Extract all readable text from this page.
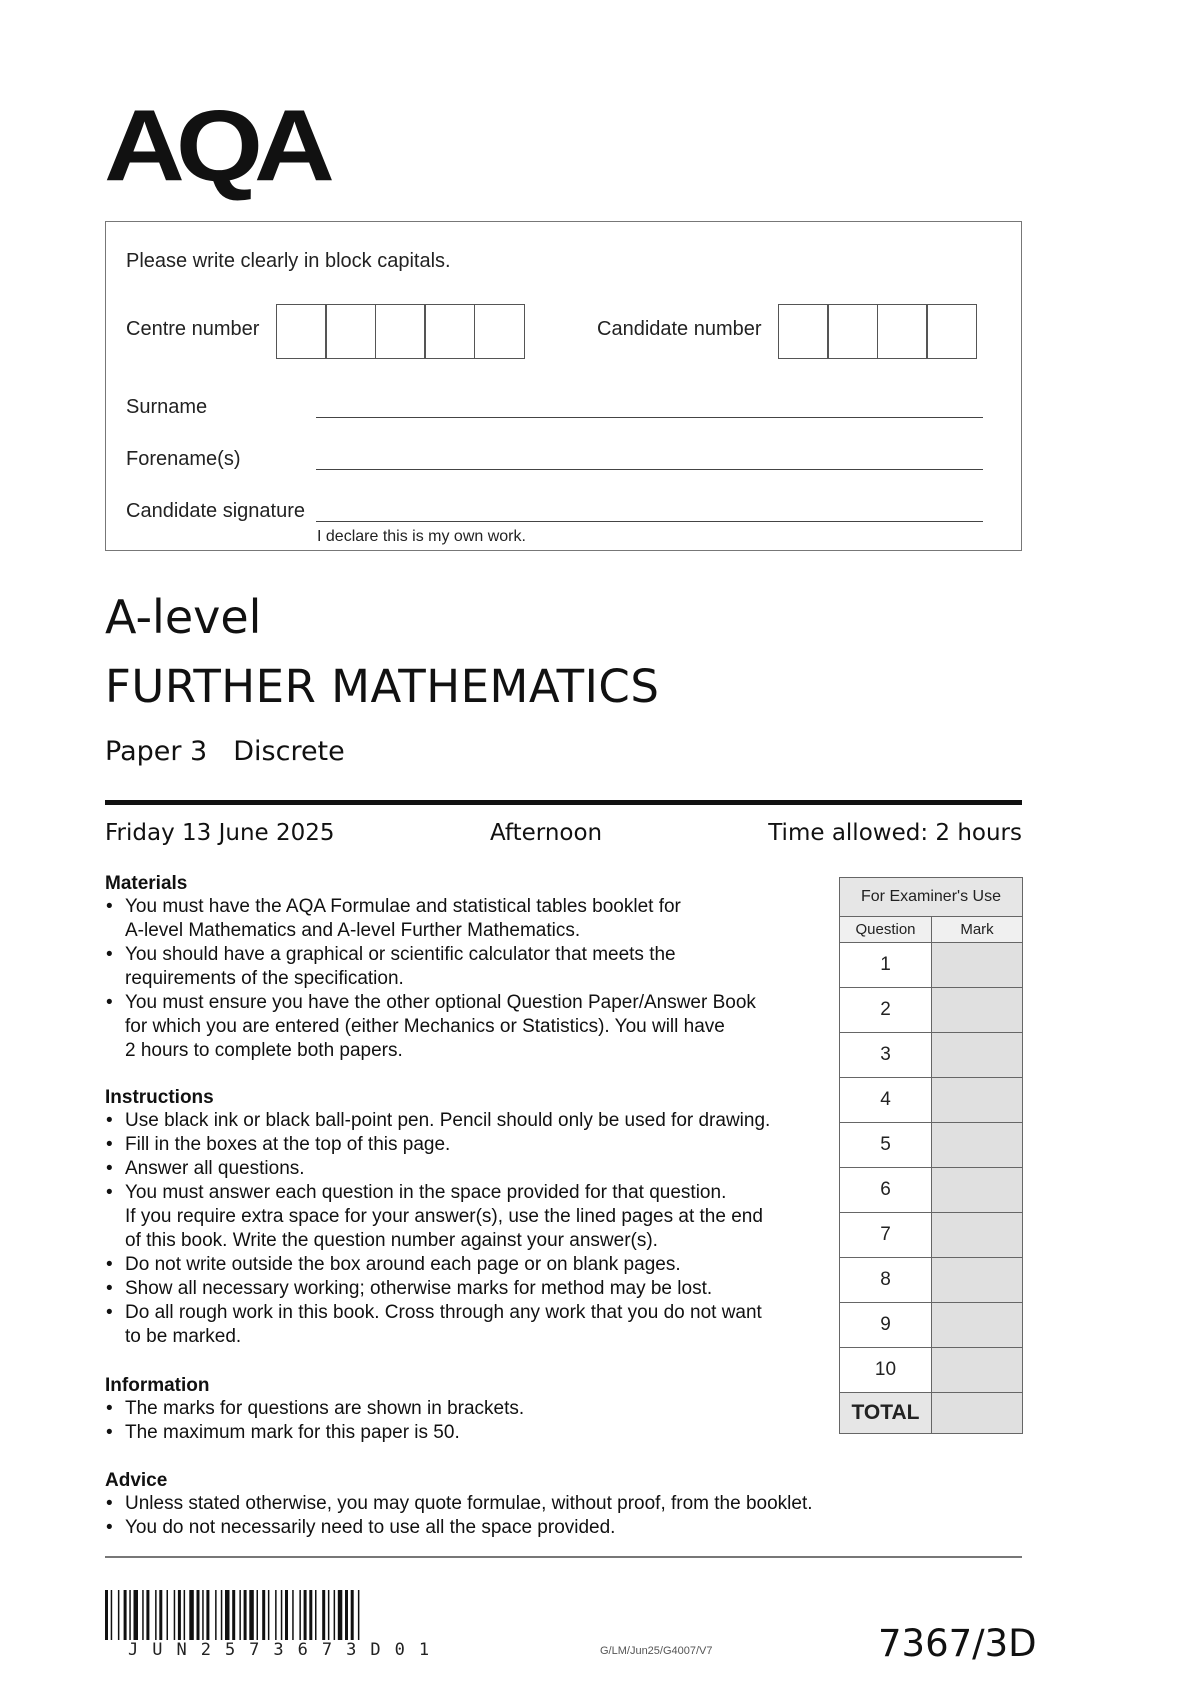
AQA
Please write clearly in block capitals.
Centre number	Candidate number
Surname
Forename(s)
Candidate signature
I declare this is my own work.
A-level
FURTHER MATHEMATICS
Paper 3 Discrete
Friday 13 June 2025	Afternoon	Time allowed: 2 hours
Materials
• You must have the AQA Formulae and statistical tables booklet for
A-level Mathematics and A-level Further Mathematics.
• You should have a graphical or scientific calculator that meets the
requirements of the specification.
• You must ensure you have the other optional Question Paper/Answer Book
for which you are entered (either Mechanics or Statistics). You will have
2 hours to complete both papers.
Instructions
• Use black ink or black ball-point pen. Pencil should only be used for drawing.
• Fill in the boxes at the top of this page.
• Answer all questions.
• You must answer each question in the space provided for that question.
If you require extra space for your answer(s), use the lined pages at the end
of this book. Write the question number against your answer(s).
• Do not write outside the box around each page or on blank pages.
• Show all necessary working; otherwise marks for method may be lost.
• Do all rough work in this book. Cross through any work that you do not want
to be marked.
Information
• The marks for questions are shown in brackets.
• The maximum mark for this paper is 50.
Advice
• Unless stated otherwise, you may quote formulae, without proof, from the booklet.
• You do not necessarily need to use all the space provided.
For Examiner's Use	
Question	Mark
1	
2	
3	
4	
5	
6	
7	
8	
9	
10	
TOTAL	
JUN2573673D01	G/LM/Jun25/G4007/V7	7367/3D
